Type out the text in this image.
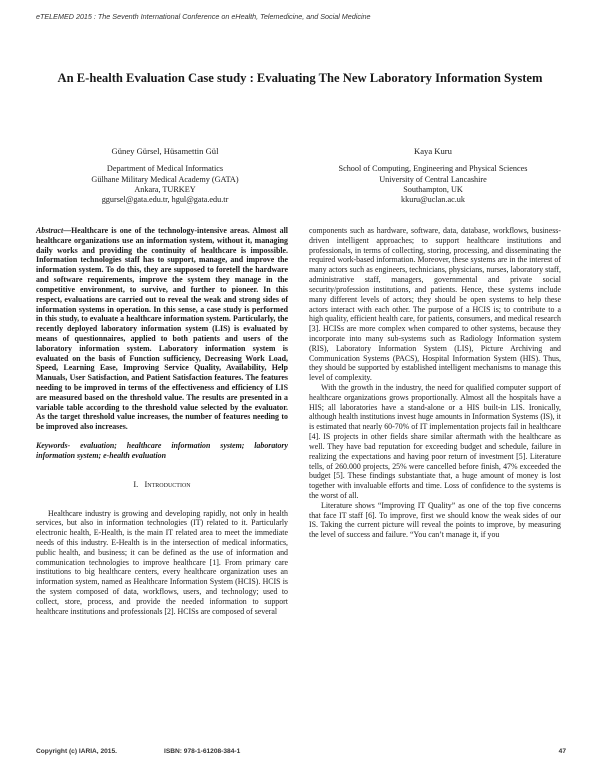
eTELEMED 2015 : The Seventh International Conference on eHealth, Telemedicine, and Social Medicine
An E-health Evaluation Case study : Evaluating The New Laboratory Information System
Güney Gürsel, Hüsamettin Gül
Department of Medical Informatics
Gülhane Military Medical Academy (GATA)
Ankara, TURKEY
ggursel@gata.edu.tr, hgul@gata.edu.tr
Kaya Kuru
School of Computing, Engineering and Physical Sciences
University of Central Lancashire
Southampton, UK
kkuru@uclan.ac.uk

Abstract—Healthcare is one of the technology-intensive areas. Almost all healthcare organizations use an information system, without it, managing daily works and providing the continuity of healthcare is impossible. Information technologies staff has to support, manage, and improve the information system. To do this, they are supposed to foretell the hardware and software requirements, improve the system they manage in the competitive environment, to survive, and further to pioneer. In this respect, evaluations are carried out to reveal the weak and strong sides of information systems in operation. In this sense, a case study is performed in this study, to evaluate a healthcare information system. Particularly, the recently deployed laboratory information system (LIS) is evaluated by means of questionnaires, applied to both patients and users of the laboratory information system. Laboratory information system is evaluated on the basis of Function sufficiency, Decreasing Work Load, Speed, Learning Ease, Improving Service Quality, Availability, Help Manuals, User Satisfaction, and Patient Satisfaction features. The features needing to be improved in terms of the effectiveness and efficiency of LIS are measured based on the threshold value. The results are presented in a variable table according to the threshold value selected by the evaluator. As the target threshold value increases, the number of features needing to be improved also increases.

Keywords- evaluation; healthcare information system; laboratory information system; e-health evaluation

I. Introduction

Healthcare industry is growing and developing rapidly, not only in health services, but also in information technologies (IT) related to it. Particularly electronic health, E-Health, is the main IT related area to meet the immediate needs of this industry. E-Health is in the intersection of medical informatics, public health, and business; it can be defined as the use of information and communication technologies to improve healthcare [1]. From primary care institutions to big healthcare centers, every healthcare organization uses an information system, named as Healthcare Information System (HCIS). HCIS is the system composed of data, workflows, users, and technology; used to collect, store, process, and provide the needed information to support healthcare institutions and professionals [2]. HCISs are composed of several

components such as hardware, software, data, database, workflows, business-driven intelligent approaches; to support healthcare institutions and professionals, in terms of collecting, storing, processing, and disseminating the required work-based information. Moreover, these systems are in the interest of many actors such as engineers, technicians, physicians, nurses, laboratory staff, administrative staff, managers, governmental and private social security/profession institutions, and patients. Hence, these systems include many different levels of actors; they should be open systems to help these actors interact with each other. The purpose of a HCIS is; to contribute to a high quality, efficient health care, for patients, consumers, and medical research [3]. HCISs are more complex when compared to other systems, because they incorporate into many sub-systems such as Radiology Information system (RIS), Laboratory Information System (LIS), Picture Archiving and Communication Systems (PACS), Hospital Information System (HIS). Thus, they should be supported by established intelligent mechanisms to manage this level of complexity.

With the growth in the industry, the need for qualified computer support of healthcare organizations grows proportionally. Almost all the hospitals have a HIS; all laboratories have a stand-alone or a HIS built-in LIS. Ironically, although health institutions invest huge amounts in Information Systems (IS), it is estimated that nearly 60-70% of IT implementation projects fail in healthcare [4]. IS projects in other fields share similar aftermath with the healthcare as well. They have bad reputation for exceeding budget and schedule, failure in realizing the expectations and having poor return of investment [5]. Literature tells, of 260.000 projects, 25% were cancelled before finish, 47% exceeded the budget [5]. These findings substantiate that, a huge amount of money is lost together with invaluable efforts and time. Loss of confidence to the systems is the worst of all.

Literature shows “Improving IT Quality” as one of the top five concerns that face IT staff [6]. To improve, first we should know the weak sides of our IS. Taking the current picture will reveal the points to improve, by measuring the level of success and failure. “You can’t manage it, if you

Copyright (c) IARIA, 2015.	ISBN: 978-1-61208-384-1	47
